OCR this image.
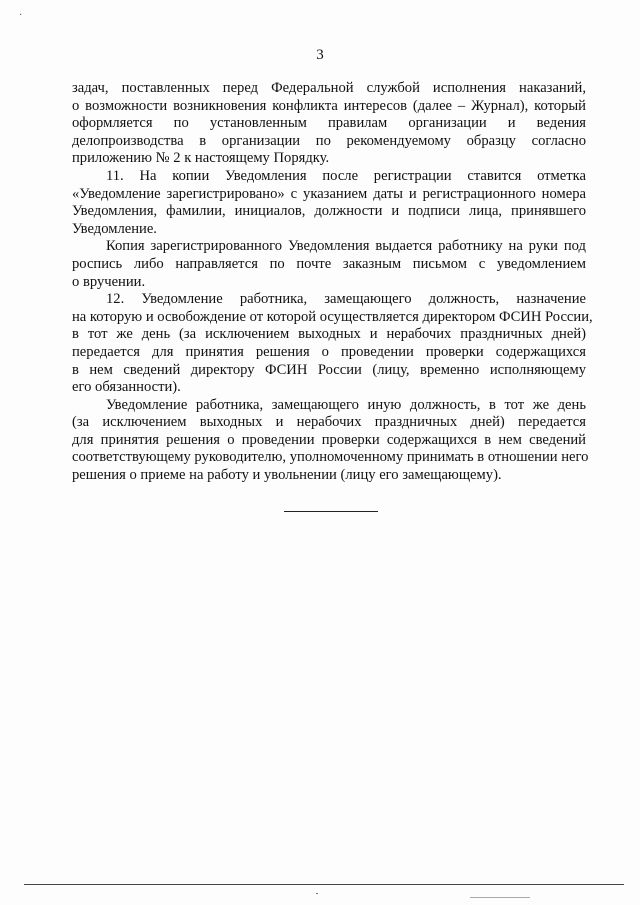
·
3

задач, поставленных перед Федеральной службой исполнения наказаний,
о возможности возникновения конфликта интересов (далее – Журнал), который
оформляется по установленным правилам организации и ведения
делопроизводства в организации по рекомендуемому образцу согласно
приложению № 2 к настоящему Порядку.

11. На копии Уведомления после регистрации ставится отметка
«Уведомление зарегистрировано» с указанием даты и регистрационного номера
Уведомления, фамилии, инициалов, должности и подписи лица, принявшего
Уведомление.

Копия зарегистрированного Уведомления выдается работнику на руки под
роспись либо направляется по почте заказным письмом с уведомлением
о вручении.

12. Уведомление работника, замещающего должность, назначение
на которую и освобождение от которой осуществляется директором ФСИН России,
в тот же день (за исключением выходных и нерабочих праздничных дней)
передается для принятия решения о проведении проверки содержащихся
в нем сведений директору ФСИН России (лицу, временно исполняющему
его обязанности).

Уведомление работника, замещающего иную должность, в тот же день
(за исключением выходных и нерабочих праздничных дней) передается
для принятия решения о проведении проверки содержащихся в нем сведений
соответствующему руководителю, уполномоченному принимать в отношении него
решения о приеме на работу и увольнении (лицу его замещающему).
